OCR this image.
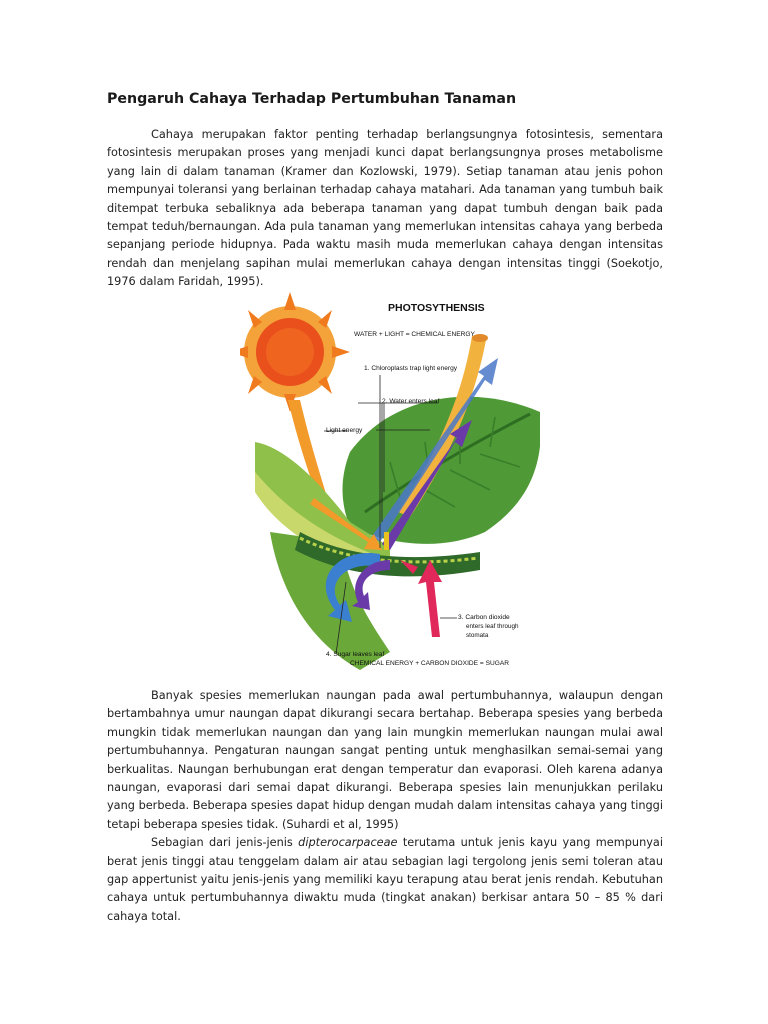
Pengaruh Cahaya Terhadap Pertumbuhan Tanaman

Cahaya merupakan faktor penting terhadap berlangsungnya fotosintesis, sementara fotosintesis merupakan proses yang menjadi kunci dapat berlangsungnya proses metabolisme yang lain di dalam tanaman (Kramer dan Kozlowski, 1979). Setiap tanaman atau jenis pohon mempunyai toleransi yang berlainan terhadap cahaya matahari. Ada tanaman yang tumbuh baik ditempat terbuka sebaliknya ada beberapa tanaman yang dapat tumbuh dengan baik pada tempat teduh/bernaungan. Ada pula tanaman yang memerlukan intensitas cahaya yang berbeda sepanjang periode hidupnya. Pada waktu masih muda memerlukan cahaya dengan intensitas rendah dan menjelang sapihan mulai memerlukan cahaya dengan intensitas tinggi (Soekotjo, 1976 dalam Faridah, 1995).

PHOTOSYTHENSIS
WATER + LIGHT = CHEMICAL ENERGY
1. Chloroplasts trap light energy
2. Water enters leaf
Light energy
3. Carbon dioxide
enters leaf through
stomata
4. Sugar leaves leaf
CHEMICAL ENERGY + CARBON DIOXIDE = SUGAR

Banyak spesies memerlukan naungan pada awal pertumbuhannya, walaupun dengan bertambahnya umur naungan dapat dikurangi secara bertahap. Beberapa spesies yang berbeda mungkin tidak memerlukan naungan dan yang lain mungkin memerlukan naungan mulai awal pertumbuhannya. Pengaturan naungan sangat penting untuk menghasilkan semai-semai yang berkualitas. Naungan berhubungan erat dengan temperatur dan evaporasi. Oleh karena adanya naungan, evaporasi dari semai dapat dikurangi. Beberapa spesies lain menunjukkan perilaku yang berbeda. Beberapa spesies dapat hidup dengan mudah dalam intensitas cahaya yang tinggi tetapi beberapa spesies tidak. (Suhardi et al, 1995)

Sebagian dari jenis-jenis dipterocarpaceae terutama untuk jenis kayu yang mempunyai berat jenis tinggi atau tenggelam dalam air atau sebagian lagi tergolong jenis semi toleran atau gap appertunist yaitu jenis-jenis yang memiliki kayu terapung atau berat jenis rendah. Kebutuhan cahaya untuk pertumbuhannya diwaktu muda (tingkat anakan) berkisar antara 50 – 85 % dari cahaya total.
